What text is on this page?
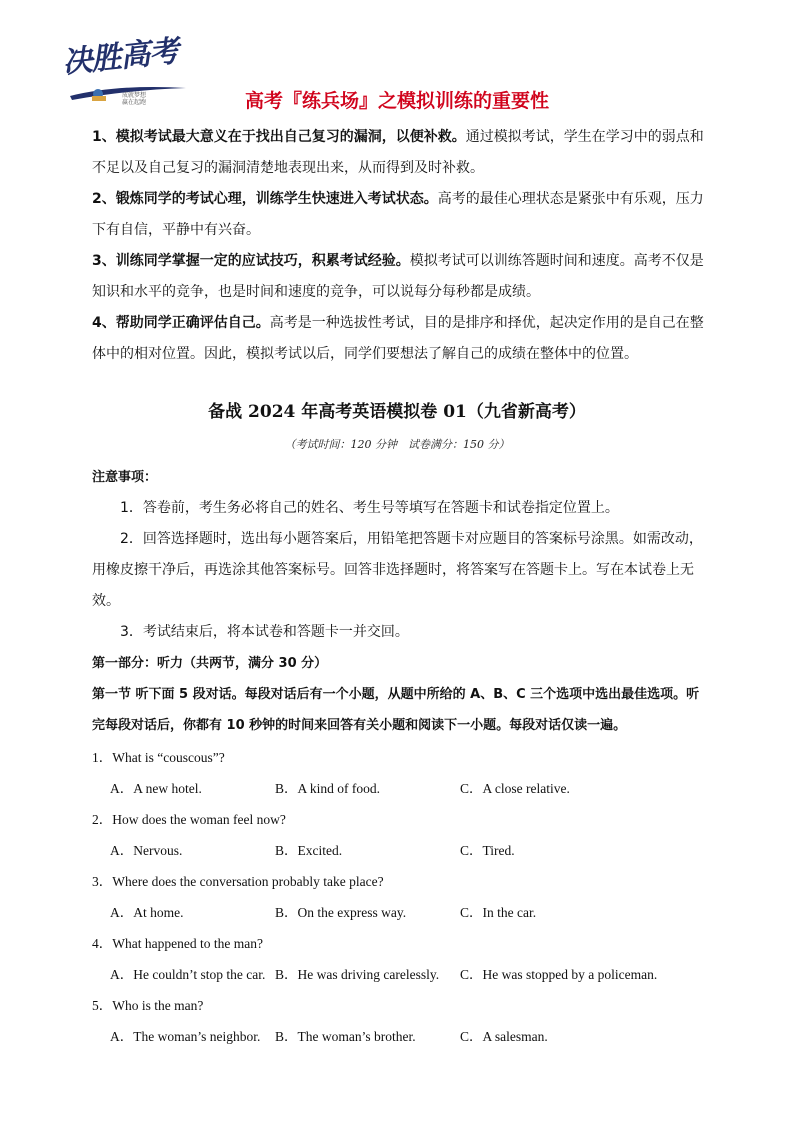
决胜高考
成就梦想
赢在起跑	高考『练兵场』之模拟训练的重要性

1、模拟考试最大意义在于找出自己复习的漏洞，以便补救。通过模拟考试，学生在学习中的弱点和不足以及自己复习的漏洞清楚地表现出来，从而得到及时补救。

2、锻炼同学的考试心理，训练学生快速进入考试状态。高考的最佳心理状态是紧张中有乐观，压力下有自信，平静中有兴奋。

3、训练同学掌握一定的应试技巧，积累考试经验。模拟考试可以训练答题时间和速度。高考不仅是知识和水平的竞争，也是时间和速度的竞争，可以说每分每秒都是成绩。

4、帮助同学正确评估自己。高考是一种选拔性考试，目的是排序和择优，起决定作用的是自己在整体中的相对位置。因此，模拟考试以后，同学们要想法了解自己的成绩在整体中的位置。

备战 2024 年高考英语模拟卷 01（九省新高考）
（考试时间：120 分钟　试卷满分：150 分）

注意事项：

1．答卷前，考生务必将自己的姓名、考生号等填写在答题卡和试卷指定位置上。

2．回答选择题时，选出每小题答案后，用铅笔把答题卡对应题目的答案标号涂黑。如需改动，用橡皮擦干净后，再选涂其他答案标号。回答非选择题时，将答案写在答题卡上。写在本试卷上无效。

3．考试结束后，将本试卷和答题卡一并交回。

第一部分：听力（共两节，满分 30 分）

第一节 听下面 5 段对话。每段对话后有一个小题，从题中所给的 A、B、C 三个选项中选出最佳选项。听完每段对话后，你都有 10 秒钟的时间来回答有关小题和阅读下一小题。每段对话仅读一遍。

1．What is “couscous”?
A．A new hotel.	B．A kind of food.	C．A close relative.
2．How does the woman feel now?
A．Nervous.	B．Excited.	C．Tired.
3．Where does the conversation probably take place?
A．At home.	B．On the express way.	C．In the car.
4．What happened to the man?
A．He couldn’t stop the car. B．He was driving carelessly. C．He was stopped by a policeman.
5．Who is the man?
A．The woman’s neighbor. B．The woman’s brother.	C．A salesman.
